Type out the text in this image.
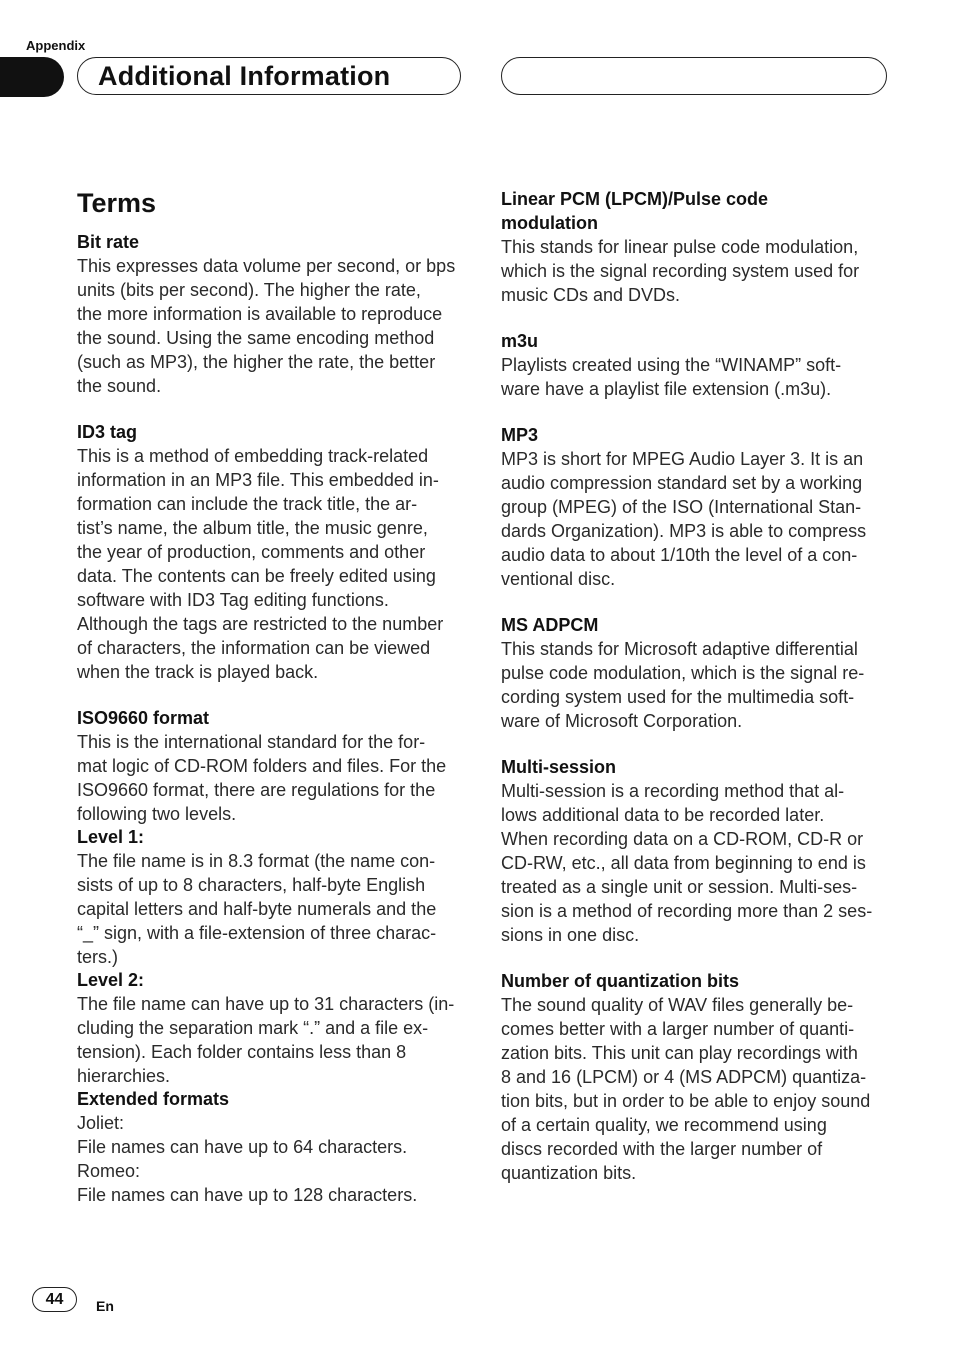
Appendix
Additional Information
Terms

Bit rate

This expresses data volume per second, or bps
units (bits per second). The higher the rate,
the more information is available to reproduce
the sound. Using the same encoding method
(such as MP3), the higher the rate, the better
the sound.

ID3 tag

This is a method of embedding track-related
information in an MP3 file. This embedded in-
formation can include the track title, the ar-
tist’s name, the album title, the music genre,
the year of production, comments and other
data. The contents can be freely edited using
software with ID3 Tag editing functions.
Although the tags are restricted to the number
of characters, the information can be viewed
when the track is played back.

ISO9660 format

This is the international standard for the for-
mat logic of CD-ROM folders and files. For the
ISO9660 format, there are regulations for the
following two levels.

Level 1:

The file name is in 8.3 format (the name con-
sists of up to 8 characters, half-byte English
capital letters and half-byte numerals and the
“_” sign, with a file-extension of three charac-
ters.)

Level 2:

The file name can have up to 31 characters (in-
cluding the separation mark “.” and a file ex-
tension). Each folder contains less than 8
hierarchies.

Extended formats

Joliet:
File names can have up to 64 characters.
Romeo:
File names can have up to 128 characters.

Linear PCM (LPCM)/Pulse code
modulation

This stands for linear pulse code modulation,
which is the signal recording system used for
music CDs and DVDs.

m3u

Playlists created using the “WINAMP” soft-
ware have a playlist file extension (.m3u).

MP3

MP3 is short for MPEG Audio Layer 3. It is an
audio compression standard set by a working
group (MPEG) of the ISO (International Stan-
dards Organization). MP3 is able to compress
audio data to about 1/10th the level of a con-
ventional disc.

MS ADPCM

This stands for Microsoft adaptive differential
pulse code modulation, which is the signal re-
cording system used for the multimedia soft-
ware of Microsoft Corporation.

Multi-session

Multi-session is a recording method that al-
lows additional data to be recorded later.
When recording data on a CD-ROM, CD-R or
CD-RW, etc., all data from beginning to end is
treated as a single unit or session. Multi-ses-
sion is a method of recording more than 2 ses-
sions in one disc.

Number of quantization bits

The sound quality of WAV files generally be-
comes better with a larger number of quanti-
zation bits. This unit can play recordings with
8 and 16 (LPCM) or 4 (MS ADPCM) quantiza-
tion bits, but in order to be able to enjoy sound
of a certain quality, we recommend using
discs recorded with the larger number of
quantization bits.

44	En
